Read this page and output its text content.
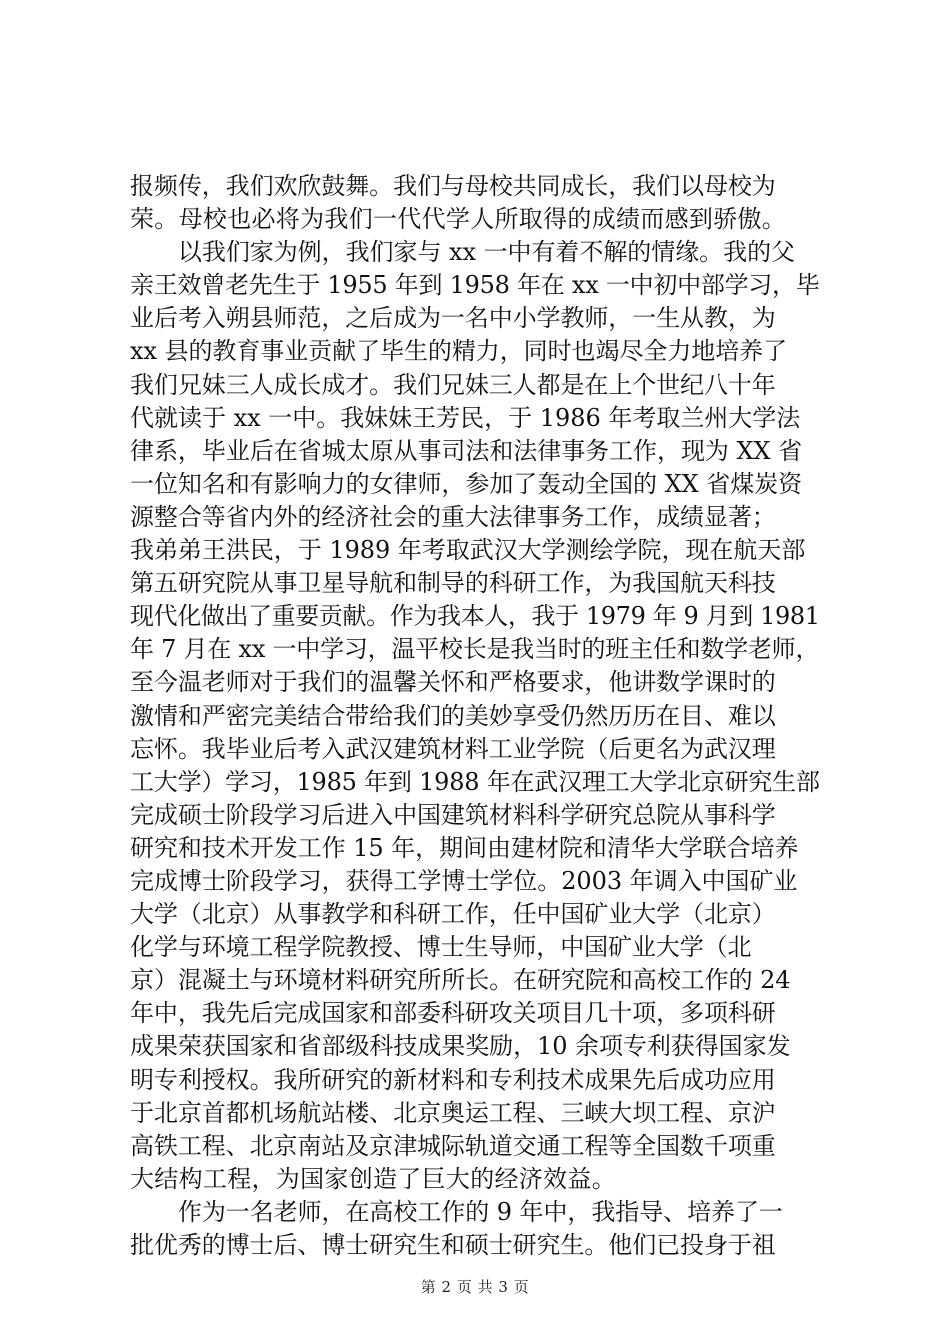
报频传，我们欢欣鼓舞。我们与母校共同成长，我们以母校为
荣。母校也必将为我们一代代学人所取得的成绩而感到骄傲。
　　以我们家为例，我们家与 xx 一中有着不解的情缘。我的父
亲王效曾老先生于 1955 年到 1958 年在 xx 一中初中部学习，毕
业后考入朔县师范，之后成为一名中小学教师，一生从教，为
xx 县的教育事业贡献了毕生的精力，同时也竭尽全力地培养了
我们兄妹三人成长成才。我们兄妹三人都是在上个世纪八十年
代就读于 xx 一中。我妹妹王芳民，于 1986 年考取兰州大学法
律系，毕业后在省城太原从事司法和法律事务工作，现为 XX 省
一位知名和有影响力的女律师，参加了轰动全国的 XX 省煤炭资
源整合等省内外的经济社会的重大法律事务工作，成绩显著；
我弟弟王洪民，于 1989 年考取武汉大学测绘学院，现在航天部
第五研究院从事卫星导航和制导的科研工作，为我国航天科技
现代化做出了重要贡献。作为我本人，我于 1979 年 9 月到 1981
年 7 月在 xx 一中学习，温平校长是我当时的班主任和数学老师，
至今温老师对于我们的温馨关怀和严格要求，他讲数学课时的
激情和严密完美结合带给我们的美妙享受仍然历历在目、难以
忘怀。我毕业后考入武汉建筑材料工业学院（后更名为武汉理
工大学）学习，1985 年到 1988 年在武汉理工大学北京研究生部
完成硕士阶段学习后进入中国建筑材料科学研究总院从事科学
研究和技术开发工作 15 年，期间由建材院和清华大学联合培养
完成博士阶段学习，获得工学博士学位。2003 年调入中国矿业
大学（北京）从事教学和科研工作，任中国矿业大学（北京）
化学与环境工程学院教授、博士生导师，中国矿业大学（北
京）混凝土与环境材料研究所所长。在研究院和高校工作的 24
年中，我先后完成国家和部委科研攻关项目几十项，多项科研
成果荣获国家和省部级科技成果奖励，10 余项专利获得国家发
明专利授权。我所研究的新材料和专利技术成果先后成功应用
于北京首都机场航站楼、北京奥运工程、三峡大坝工程、京沪
高铁工程、北京南站及京津城际轨道交通工程等全国数千项重
大结构工程，为国家创造了巨大的经济效益。
　　作为一名老师，在高校工作的 9 年中，我指导、培养了一
批优秀的博士后、博士研究生和硕士研究生。他们已投身于祖
第 2 页 共 3 页
